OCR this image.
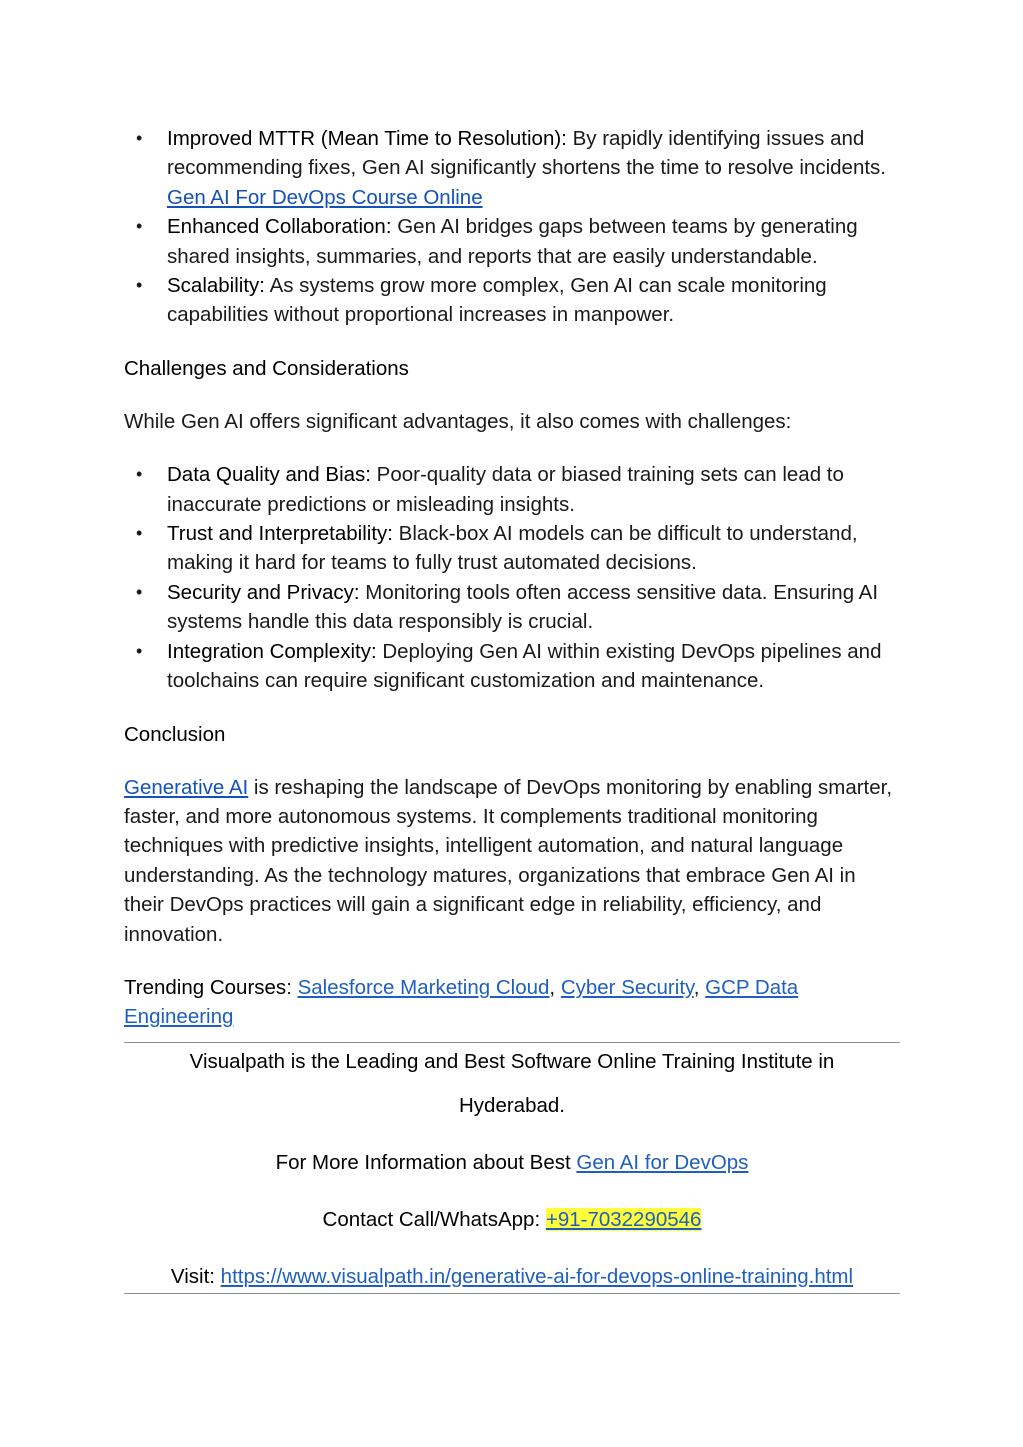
• Improved MTTR (Mean Time to Resolution): By rapidly identifying issues and recommending fixes, Gen AI significantly shortens the time to resolve incidents. Gen AI For DevOps Course Online
• Enhanced Collaboration: Gen AI bridges gaps between teams by generating shared insights, summaries, and reports that are easily understandable.
• Scalability: As systems grow more complex, Gen AI can scale monitoring capabilities without proportional increases in manpower.

Challenges and Considerations

While Gen AI offers significant advantages, it also comes with challenges:

• Data Quality and Bias: Poor-quality data or biased training sets can lead to inaccurate predictions or misleading insights.
• Trust and Interpretability: Black-box AI models can be difficult to understand, making it hard for teams to fully trust automated decisions.
• Security and Privacy: Monitoring tools often access sensitive data. Ensuring AI systems handle this data responsibly is crucial.
• Integration Complexity: Deploying Gen AI within existing DevOps pipelines and toolchains can require significant customization and maintenance.

Conclusion

Generative AI is reshaping the landscape of DevOps monitoring by enabling smarter, faster, and more autonomous systems. It complements traditional monitoring techniques with predictive insights, intelligent automation, and natural language understanding. As the technology matures, organizations that embrace Gen AI in their DevOps practices will gain a significant edge in reliability, efficiency, and innovation.

Trending Courses: Salesforce Marketing Cloud, Cyber Security, GCP Data Engineering

Visualpath is the Leading and Best Software Online Training Institute in

Hyderabad.

For More Information about Best Gen AI for DevOps

Contact Call/WhatsApp: +91-7032290546

Visit: https://www.visualpath.in/generative-ai-for-devops-online-training.html
